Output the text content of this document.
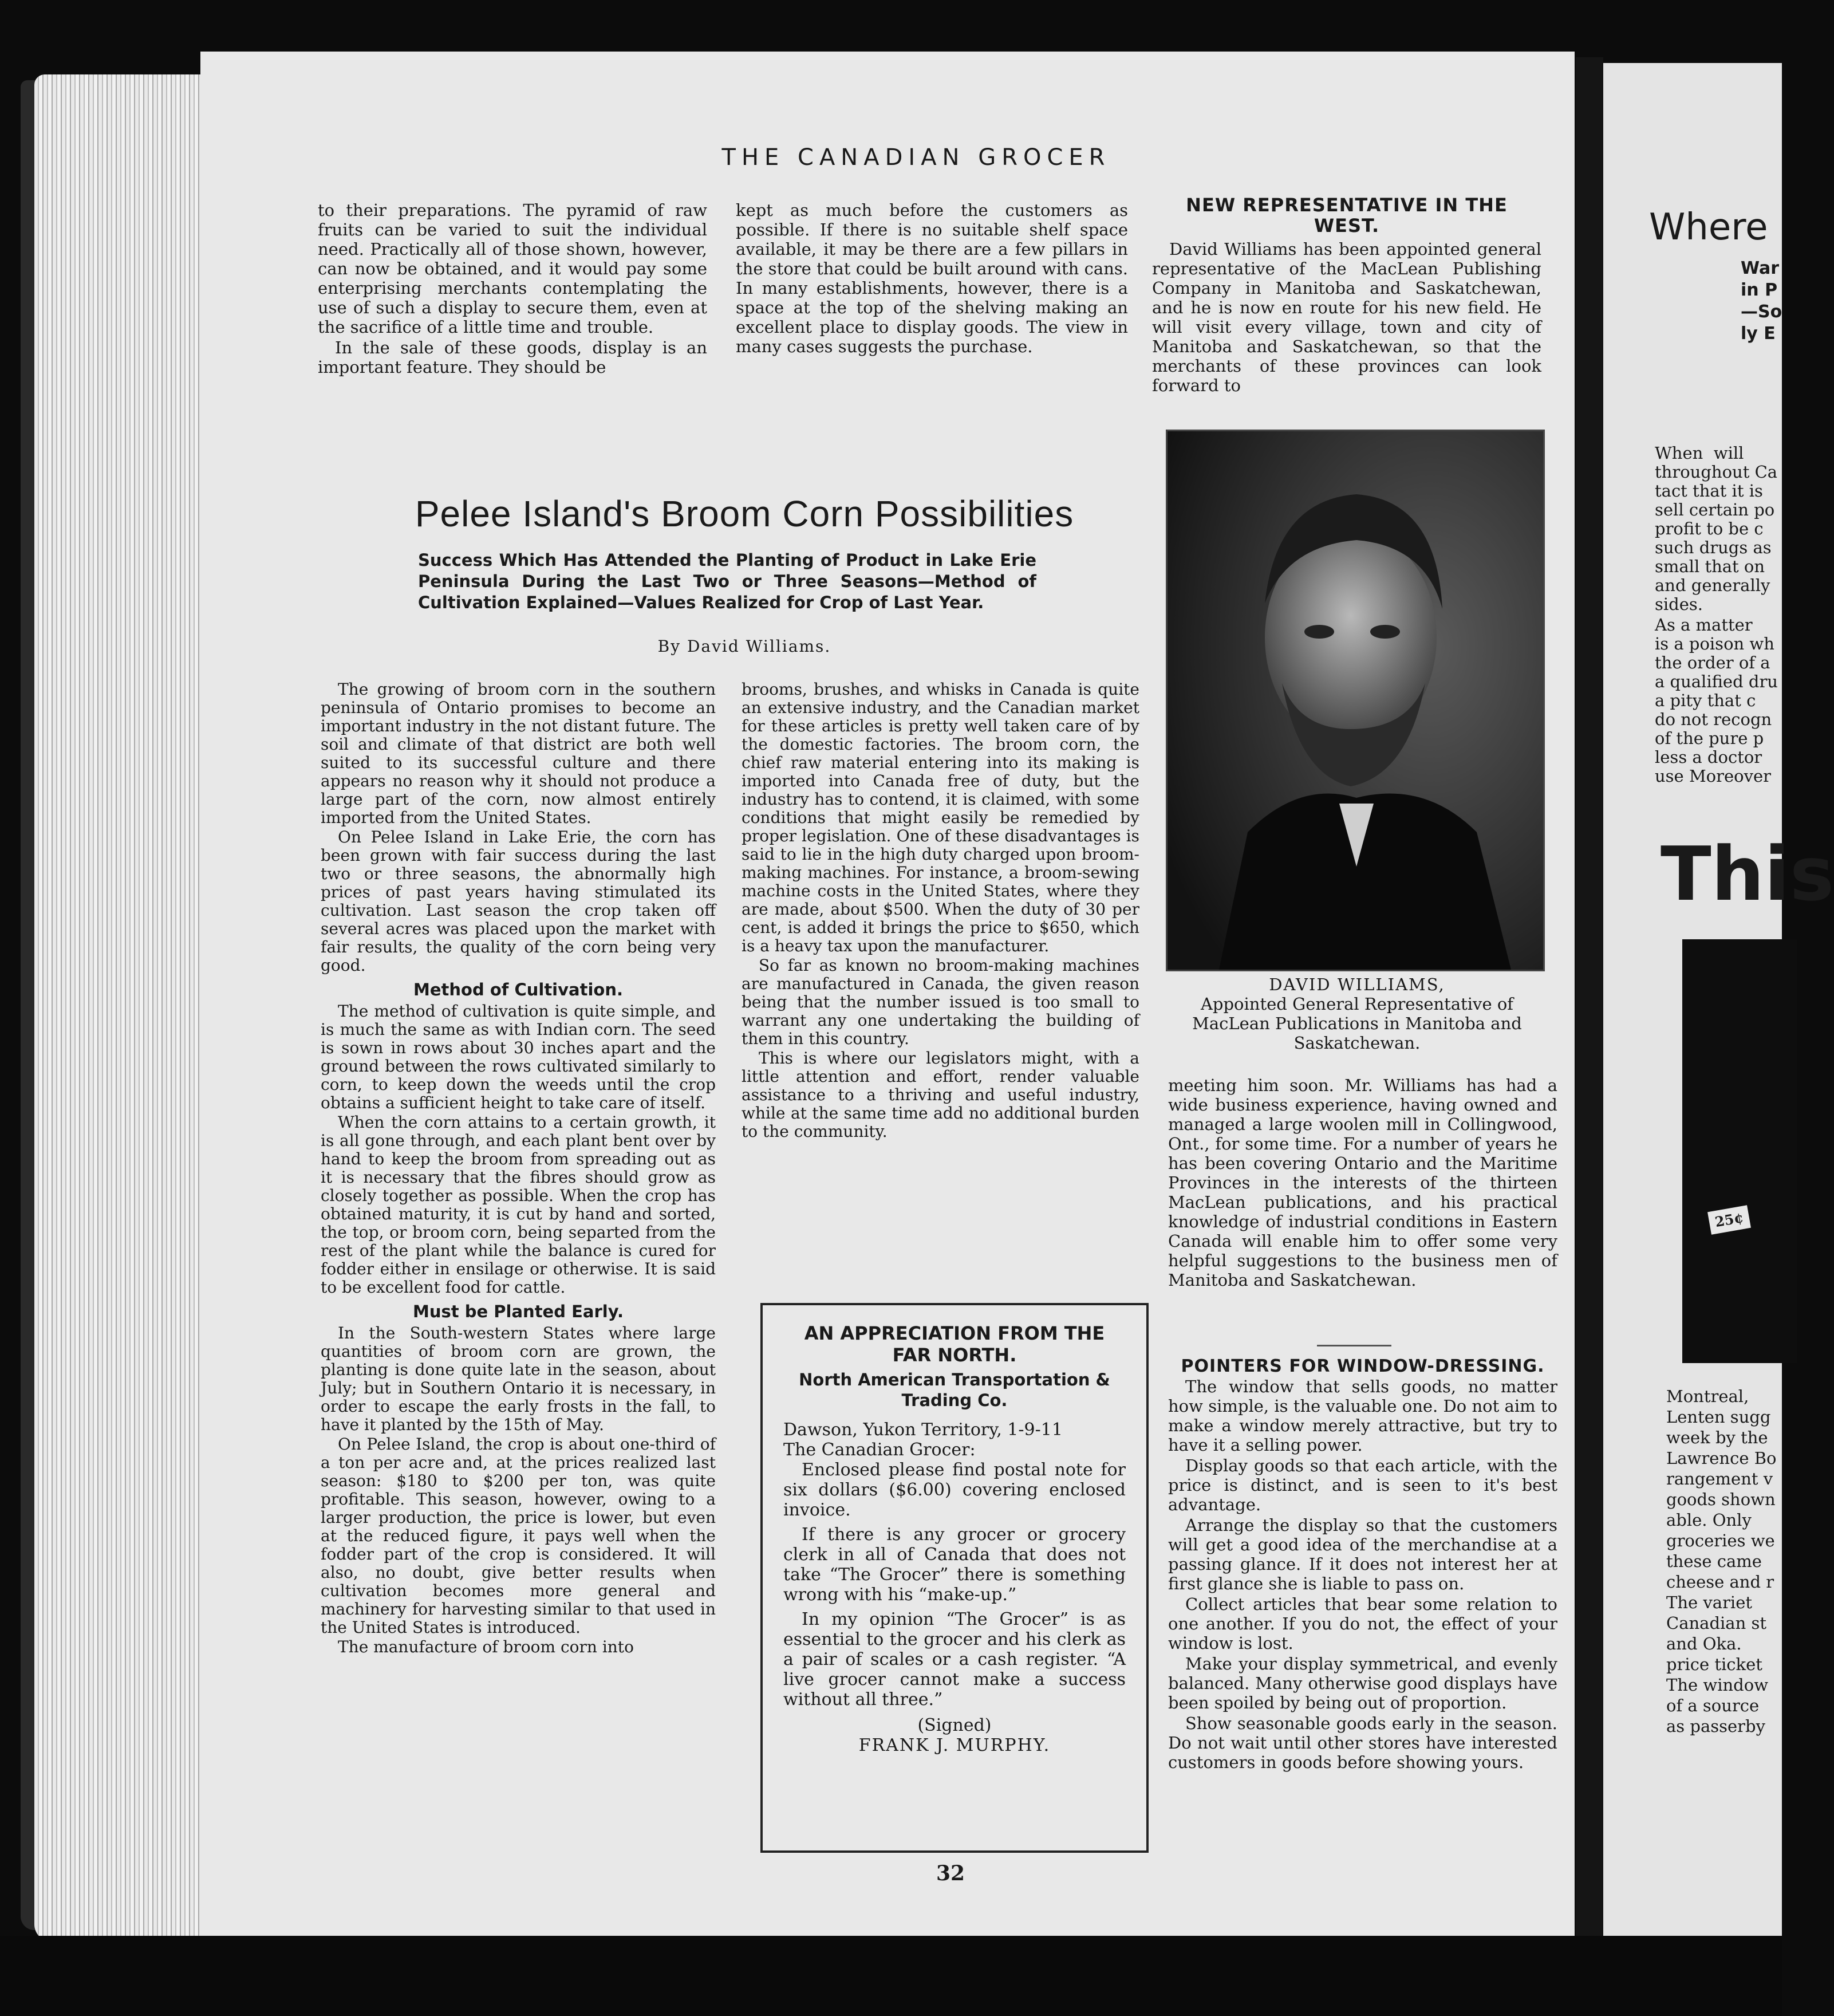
Where
War
in P
—So
ly E
When  will
throughout Ca
tact that it is
sell certain po
profit to be c
such drugs as
small that on
and generally
sides.
As a matter
is a poison wh
the order of a
a qualified dru
a pity that c
do not recogn
of the pure p
less a doctor
use Moreover
This
25¢
Montreal,
Lenten sugg
week by the
Lawrence Bo
rangement v
goods shown
able. Only
groceries we
these came
cheese and r
The variet
Canadian st
and Oka.
price ticket
The window
of a source
as passerby
THE CANADIAN GROCER

to their preparations. The pyramid of raw fruits can be varied to suit the individual need. Practically all of those shown, however, can now be obtained, and it would pay some enterprising merchants contemplating the use of such a display to secure them, even at the sacrifice of a little time and trouble.

In the sale of these goods, display is an important feature. They should be

kept as much before the customers as possible. If there is no suitable shelf space available, it may be there are a few pillars in the store that could be built around with cans. In many establishments, however, there is a space at the top of the shelving making an excellent place to display goods. The view in many cases suggests the purchase.

NEW REPRESENTATIVE IN THE WEST.

David Williams has been appointed general representative of the MacLean Publishing Company in Manitoba and Saskatchewan, and he is now en route for his new field. He will visit every village, town and city of Manitoba and Saskatchewan, so that the merchants of these provinces can look forward to

DAVID WILLIAMS,
Appointed General Representative of MacLean Publications in Manitoba and Saskatchewan.

meeting him soon. Mr. Williams has had a wide business experience, having owned and managed a large woolen mill in Collingwood, Ont., for some time. For a number of years he has been covering Ontario and the Maritime Provinces in the interests of the thirteen MacLean publications, and his practical knowledge of industrial conditions in Eastern Canada will enable him to offer some very helpful suggestions to the business men of Manitoba and Saskatchewan.

POINTERS FOR WINDOW-DRESSING.

The window that sells goods, no matter how simple, is the valuable one. Do not aim to make a window merely attractive, but try to have it a selling power.

Display goods so that each article, with the price is distinct, and is seen to it's best advantage.

Arrange the display so that the customers will get a good idea of the merchandise at a passing glance. If it does not interest her at first glance she is liable to pass on.

Collect articles that bear some relation to one another. If you do not, the effect of your window is lost.

Make your display symmetrical, and evenly balanced. Many otherwise good displays have been spoiled by being out of proportion.

Show seasonable goods early in the season. Do not wait until other stores have interested customers in goods before showing yours.

Pelee Island's Broom Corn Possibilities
Success Which Has Attended the Planting of Product in Lake Erie Peninsula During the Last Two or Three Seasons—Method of Cultivation Explained—Values Realized for Crop of Last Year.
By David Williams.

The growing of broom corn in the southern peninsula of Ontario promises to become an important industry in the not distant future. The soil and climate of that district are both well suited to its successful culture and there appears no reason why it should not produce a large part of the corn, now almost entirely imported from the United States.

On Pelee Island in Lake Erie, the corn has been grown with fair success during the last two or three seasons, the abnormally high prices of past years having stimulated its cultivation. Last season the crop taken off several acres was placed upon the market with fair results, the quality of the corn being very good.

Method of Cultivation.

The method of cultivation is quite simple, and is much the same as with Indian corn. The seed is sown in rows about 30 inches apart and the ground between the rows cultivated similarly to corn, to keep down the weeds until the crop obtains a sufficient height to take care of itself.

When the corn attains to a certain growth, it is all gone through, and each plant bent over by hand to keep the broom from spreading out as it is necessary that the fibres should grow as closely together as possible. When the crop has obtained maturity, it is cut by hand and sorted, the top, or broom corn, being separted from the rest of the plant while the balance is cured for fodder either in ensilage or otherwise. It is said to be excellent food for cattle.

Must be Planted Early.

In the South-western States where large quantities of broom corn are grown, the planting is done quite late in the season, about July; but in Southern Ontario it is necessary, in order to escape the early frosts in the fall, to have it planted by the 15th of May.

On Pelee Island, the crop is about one-third of a ton per acre and, at the prices realized last season: $180 to $200 per ton, was quite profitable. This season, however, owing to a larger production, the price is lower, but even at the reduced figure, it pays well when the fodder part of the crop is considered. It will also, no doubt, give better results when cultivation becomes more general and machinery for harvesting similar to that used in the United States is introduced.

The manufacture of broom corn into

brooms, brushes, and whisks in Canada is quite an extensive industry, and the Canadian market for these articles is pretty well taken care of by the domestic factories. The broom corn, the chief raw material entering into its making is imported into Canada free of duty, but the industry has to contend, it is claimed, with some conditions that might easily be remedied by proper legislation. One of these disadvantages is said to lie in the high duty charged upon broom-making machines. For instance, a broom-sewing machine costs in the United States, where they are made, about $500. When the duty of 30 per cent, is added it brings the price to $650, which is a heavy tax upon the manufacturer.

So far as known no broom-making machines are manufactured in Canada, the given reason being that the number issued is too small to warrant any one undertaking the building of them in this country.

This is where our legislators might, with a little attention and effort, render valuable assistance to a thriving and useful industry, while at the same time add no additional burden to the community.

AN APPRECIATION FROM THE FAR NORTH.
North American Transportation & Trading Co.

Dawson, Yukon Territory, 1-9-11

The Canadian Grocer:

Enclosed please find postal note for six dollars ($6.00) covering enclosed invoice.

If there is any grocer or grocery clerk in all of Canada that does not take “The Grocer” there is something wrong with his “make-up.”

In my opinion “The Grocer” is as essential to the grocer and his clerk as a pair of scales or a cash register. “A live grocer cannot make a success without all three.”

(Signed)
FRANK J. MURPHY.
32
